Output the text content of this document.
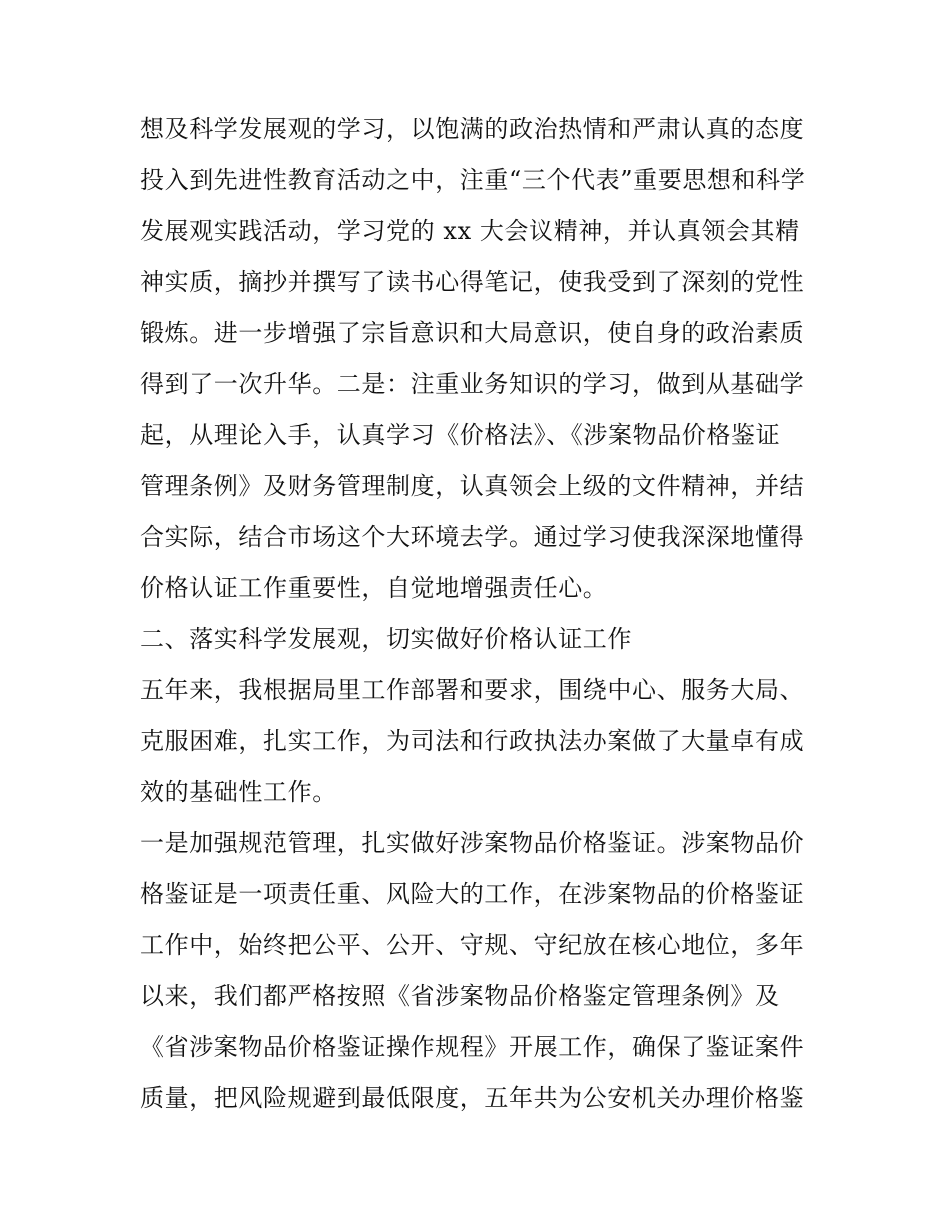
想及科学发展观的学习，以饱满的政治热情和严肃认真的态度
投入到先进性教育活动之中，注重“三个代表”重要思想和科学
发展观实践活动，学习党的 xx 大会议精神，并认真领会其精
神实质，摘抄并撰写了读书心得笔记，使我受到了深刻的党性
锻炼。进一步增强了宗旨意识和大局意识，使自身的政治素质
得到了一次升华。二是：注重业务知识的学习，做到从基础学
起，从理论入手，认真学习《价格法》、《涉案物品价格鉴证
管理条例》及财务管理制度，认真领会上级的文件精神，并结
合实际，结合市场这个大环境去学。通过学习使我深深地懂得
价格认证工作重要性，自觉地增强责任心。
二、落实科学发展观，切实做好价格认证工作
五年来，我根据局里工作部署和要求，围绕中心、服务大局、
克服困难，扎实工作，为司法和行政执法办案做了大量卓有成
效的基础性工作。
一是加强规范管理，扎实做好涉案物品价格鉴证。涉案物品价
格鉴证是一项责任重、风险大的工作，在涉案物品的价格鉴证
工作中，始终把公平、公开、守规、守纪放在核心地位，多年
以来，我们都严格按照《省涉案物品价格鉴定管理条例》及
《省涉案物品价格鉴证操作规程》开展工作，确保了鉴证案件
质量，把风险规避到最低限度，五年共为公安机关办理价格鉴
